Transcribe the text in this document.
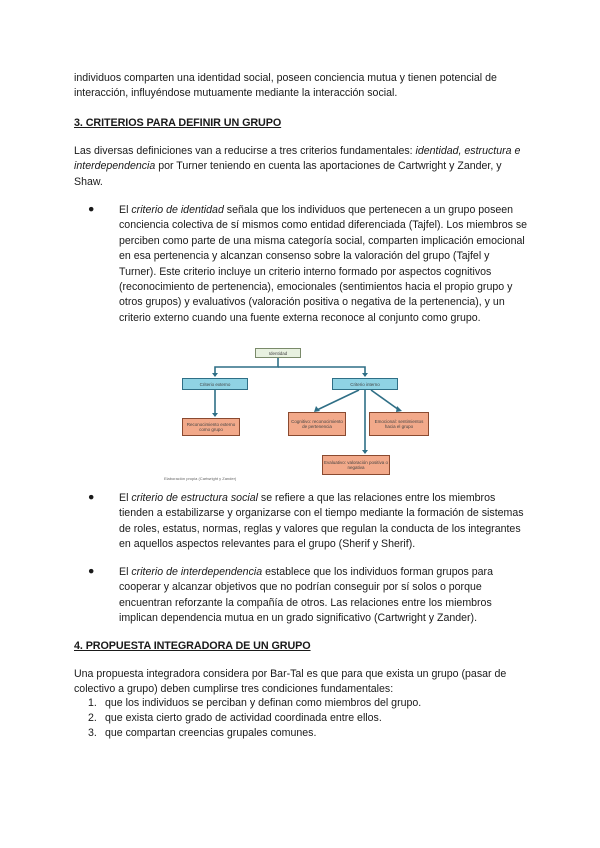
individuos comparten una identidad social, poseen conciencia mutua y tienen potencial de interacción, influyéndose mutuamente mediante la interacción social.

3. CRITERIOS PARA DEFINIR UN GRUPO

Las diversas definiciones van a reducirse a tres criterios fundamentales: identidad, estructura e interdependencia por Turner teniendo en cuenta las aportaciones de Cartwright y Zander, y Shaw.

● El criterio de identidad señala que los individuos que pertenecen a un grupo poseen conciencia colectiva de sí mismos como entidad diferenciada (Tajfel). Los miembros se perciben como parte de una misma categoría social, comparten implicación emocional en esa pertenencia y alcanzan consenso sobre la valoración del grupo (Tajfel y Turner). Este criterio incluye un criterio interno formado por aspectos cognitivos (reconocimiento de pertenencia), emocionales (sentimientos hacia el propio grupo y otros grupos) y evaluativos (valoración positiva o negativa de la pertenencia), y un criterio externo cuando una fuente externa reconoce al conjunto como grupo.

Identidad
Criterio externo	Criterio interno
Reconocimiento externo como grupo
Cognitivo: reconocimiento de pertenencia
Emocional: sentimientos hacia el grupo
Evaluativo: valoración positiva o negativa
Elaboración propia (Cartwright y Zander)
● El criterio de estructura social se refiere a que las relaciones entre los miembros tienden a estabilizarse y organizarse con el tiempo mediante la formación de sistemas de roles, estatus, normas, reglas y valores que regulan la conducta de los integrantes en aquellos aspectos relevantes para el grupo (Sherif y Sherif).

● El criterio de interdependencia establece que los individuos forman grupos para cooperar y alcanzar objetivos que no podrían conseguir por sí solos o porque encuentran reforzante la compañía de otros. Las relaciones entre los miembros implican dependencia mutua en un grado significativo (Cartwright y Zander).

4. PROPUESTA INTEGRADORA DE UN GRUPO

Una propuesta integradora considera por Bar-Tal es que para que exista un grupo (pasar de colectivo a grupo) deben cumplirse tres condiciones fundamentales:

1. que los individuos se perciban y definan como miembros del grupo.
2. que exista cierto grado de actividad coordinada entre ellos.
3. que compartan creencias grupales comunes.
